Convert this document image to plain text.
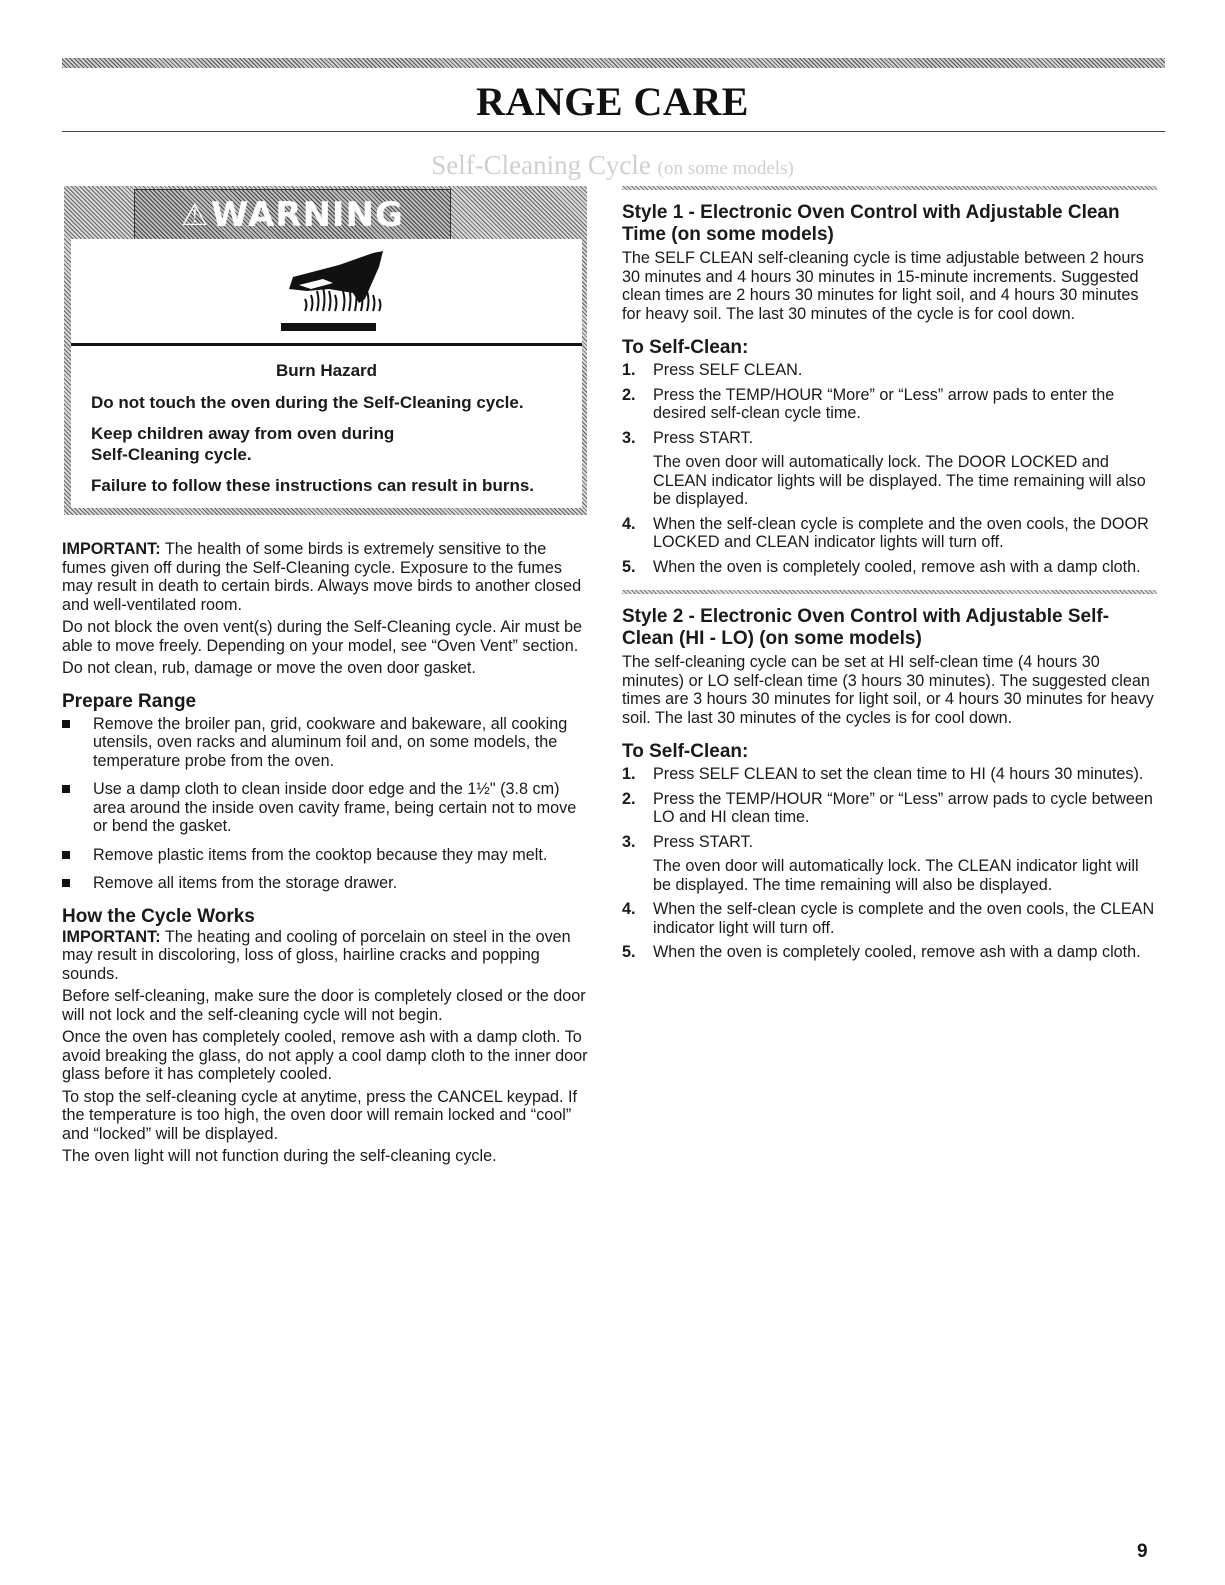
RANGE CARE
Self-Cleaning Cycle (on some models)
⚠ WARNING
Burn Hazard
Do not touch the oven during the Self-Cleaning cycle.
Keep children away from oven during Self-Cleaning cycle.
Failure to follow these instructions can result in burns.

IMPORTANT: The health of some birds is extremely sensitive to the fumes given off during the Self-Cleaning cycle. Exposure to the fumes may result in death to certain birds. Always move birds to another closed and well-ventilated room.

Do not block the oven vent(s) during the Self-Cleaning cycle. Air must be able to move freely. Depending on your model, see “Oven Vent” section.

Do not clean, rub, damage or move the oven door gasket.

Prepare Range
Remove the broiler pan, grid, cookware and bakeware, all cooking utensils, oven racks and aluminum foil and, on some models, the temperature probe from the oven.
Use a damp cloth to clean inside door edge and the 1½" (3.8 cm) area around the inside oven cavity frame, being certain not to move or bend the gasket.
Remove plastic items from the cooktop because they may melt.
Remove all items from the storage drawer.
How the Cycle Works

IMPORTANT: The heating and cooling of porcelain on steel in the oven may result in discoloring, loss of gloss, hairline cracks and popping sounds.

Before self-cleaning, make sure the door is completely closed or the door will not lock and the self-cleaning cycle will not begin.

Once the oven has completely cooled, remove ash with a damp cloth. To avoid breaking the glass, do not apply a cool damp cloth to the inner door glass before it has completely cooled.

To stop the self-cleaning cycle at anytime, press the CANCEL keypad. If the temperature is too high, the oven door will remain locked and “cool” and “locked” will be displayed.

The oven light will not function during the self-cleaning cycle.

Style 1 - Electronic Oven Control with Adjustable Clean Time (on some models)

The SELF CLEAN self-cleaning cycle is time adjustable between 2 hours 30 minutes and 4 hours 30 minutes in 15-minute increments. Suggested clean times are 2 hours 30 minutes for light soil, and 4 hours 30 minutes for heavy soil. The last 30 minutes of the cycle is for cool down.

To Self-Clean:
1. Press SELF CLEAN.
2. Press the TEMP/HOUR “More” or “Less” arrow pads to enter the desired self-clean cycle time.
3. Press START.
The oven door will automatically lock. The DOOR LOCKED and CLEAN indicator lights will be displayed. The time remaining will also be displayed.
4. When the self-clean cycle is complete and the oven cools, the DOOR LOCKED and CLEAN indicator lights will turn off.
5. When the oven is completely cooled, remove ash with a damp cloth.
Style 2 - Electronic Oven Control with Adjustable Self-Clean (HI - LO) (on some models)

The self-cleaning cycle can be set at HI self-clean time (4 hours 30 minutes) or LO self-clean time (3 hours 30 minutes). The suggested clean times are 3 hours 30 minutes for light soil, or 4 hours 30 minutes for heavy soil. The last 30 minutes of the cycles is for cool down.

To Self-Clean:
1. Press SELF CLEAN to set the clean time to HI (4 hours 30 minutes).
2. Press the TEMP/HOUR “More” or “Less” arrow pads to cycle between LO and HI clean time.
3. Press START.
The oven door will automatically lock. The CLEAN indicator light will be displayed. The time remaining will also be displayed.
4. When the self-clean cycle is complete and the oven cools, the CLEAN indicator light will turn off.
5. When the oven is completely cooled, remove ash with a damp cloth.
9
